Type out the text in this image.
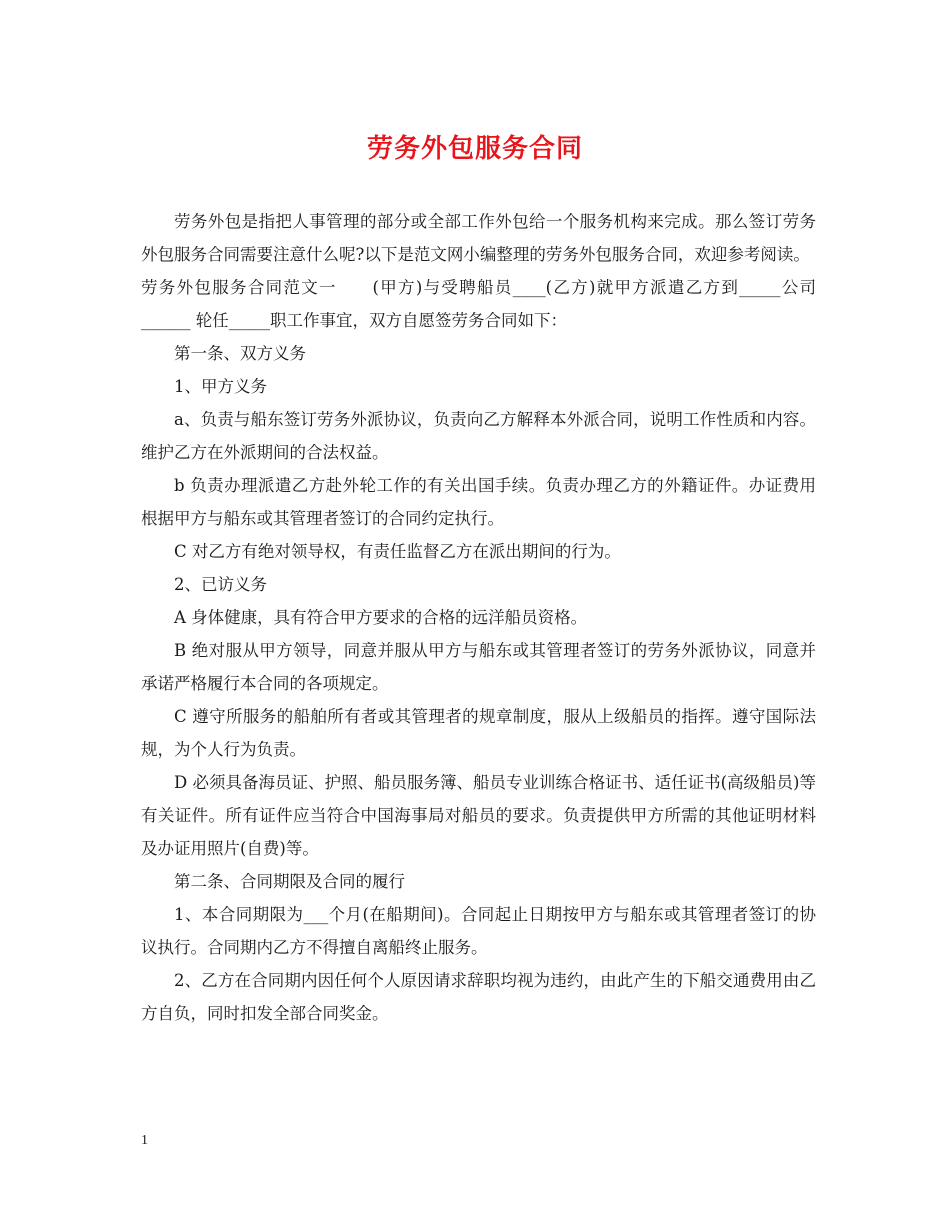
劳务外包服务合同

劳务外包是指把人事管理的部分或全部工作外包给一个服务机构来完成。那么签订劳务外包服务合同需要注意什么呢?以下是范文网小编整理的劳务外包服务合同，欢迎参考阅读。

劳务外包服务合同范文一　　(甲方)与受聘船员____(乙方)就甲方派遣乙方到_____公司______ 轮任_____职工作事宜，双方自愿签劳务合同如下：

第一条、双方义务

1、甲方义务

a、负责与船东签订劳务外派协议，负责向乙方解释本外派合同，说明工作性质和内容。维护乙方在外派期间的合法权益。

b 负责办理派遣乙方赴外轮工作的有关出国手续。负责办理乙方的外籍证件。办证费用根据甲方与船东或其管理者签订的合同约定执行。

C 对乙方有绝对领导权，有责任监督乙方在派出期间的行为。

2、已访义务

A 身体健康，具有符合甲方要求的合格的远洋船员资格。

B 绝对服从甲方领导，同意并服从甲方与船东或其管理者签订的劳务外派协议，同意并承诺严格履行本合同的各项规定。

C 遵守所服务的船舶所有者或其管理者的规章制度，服从上级船员的指挥。遵守国际法规，为个人行为负责。

D 必须具备海员证、护照、船员服务簿、船员专业训练合格证书、适任证书(高级船员)等有关证件。所有证件应当符合中国海事局对船员的要求。负责提供甲方所需的其他证明材料及办证用照片(自费)等。

第二条、合同期限及合同的履行

1、本合同期限为___个月(在船期间)。合同起止日期按甲方与船东或其管理者签订的协议执行。合同期内乙方不得擅自离船终止服务。

2、乙方在合同期内因任何个人原因请求辞职均视为违约，由此产生的下船交通费用由乙方自负，同时扣发全部合同奖金。

1
